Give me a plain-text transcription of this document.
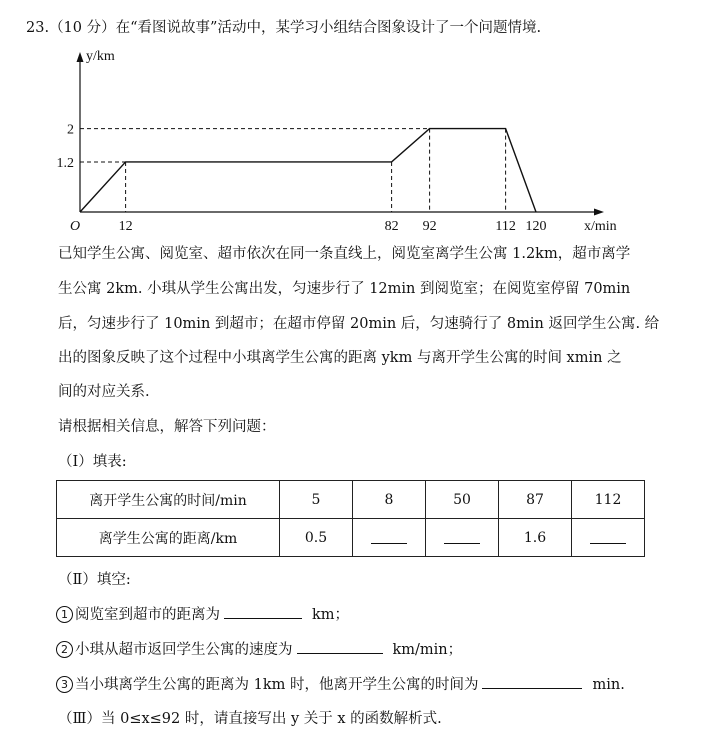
23.（10 分）在“看图说故事”活动中，某学习小组结合图象设计了一个问题情境.
y/km
x/min
O
1.2
2
12	82 92	112 120
已知学生公寓、阅览室、超市依次在同一条直线上，阅览室离学生公寓 1.2km，超市离学
生公寓 2km. 小琪从学生公寓出发，匀速步行了 12min 到阅览室；在阅览室停留 70min
后，匀速步行了 10min 到超市；在超市停留 20min 后，匀速骑行了 8min 返回学生公寓. 给
出的图象反映了这个过程中小琪离学生公寓的距离 ykm 与离开学生公寓的时间 xmin 之
间的对应关系.
请根据相关信息，解答下列问题：
（Ⅰ）填表:
离开学生公寓的时间/min	5	8	50	87	112
离学生公寓的距离/km	0.5			1.6	
（Ⅱ）填空:
1 阅览室到超市的距离为	km；
2 小琪从超市返回学生公寓的速度为	km/min；
3 当小琪离学生公寓的距离为 1km 时，他离开学生公寓的时间为	min.
（Ⅲ）当 0≤x≤92 时，请直接写出 y 关于 x 的函数解析式.
